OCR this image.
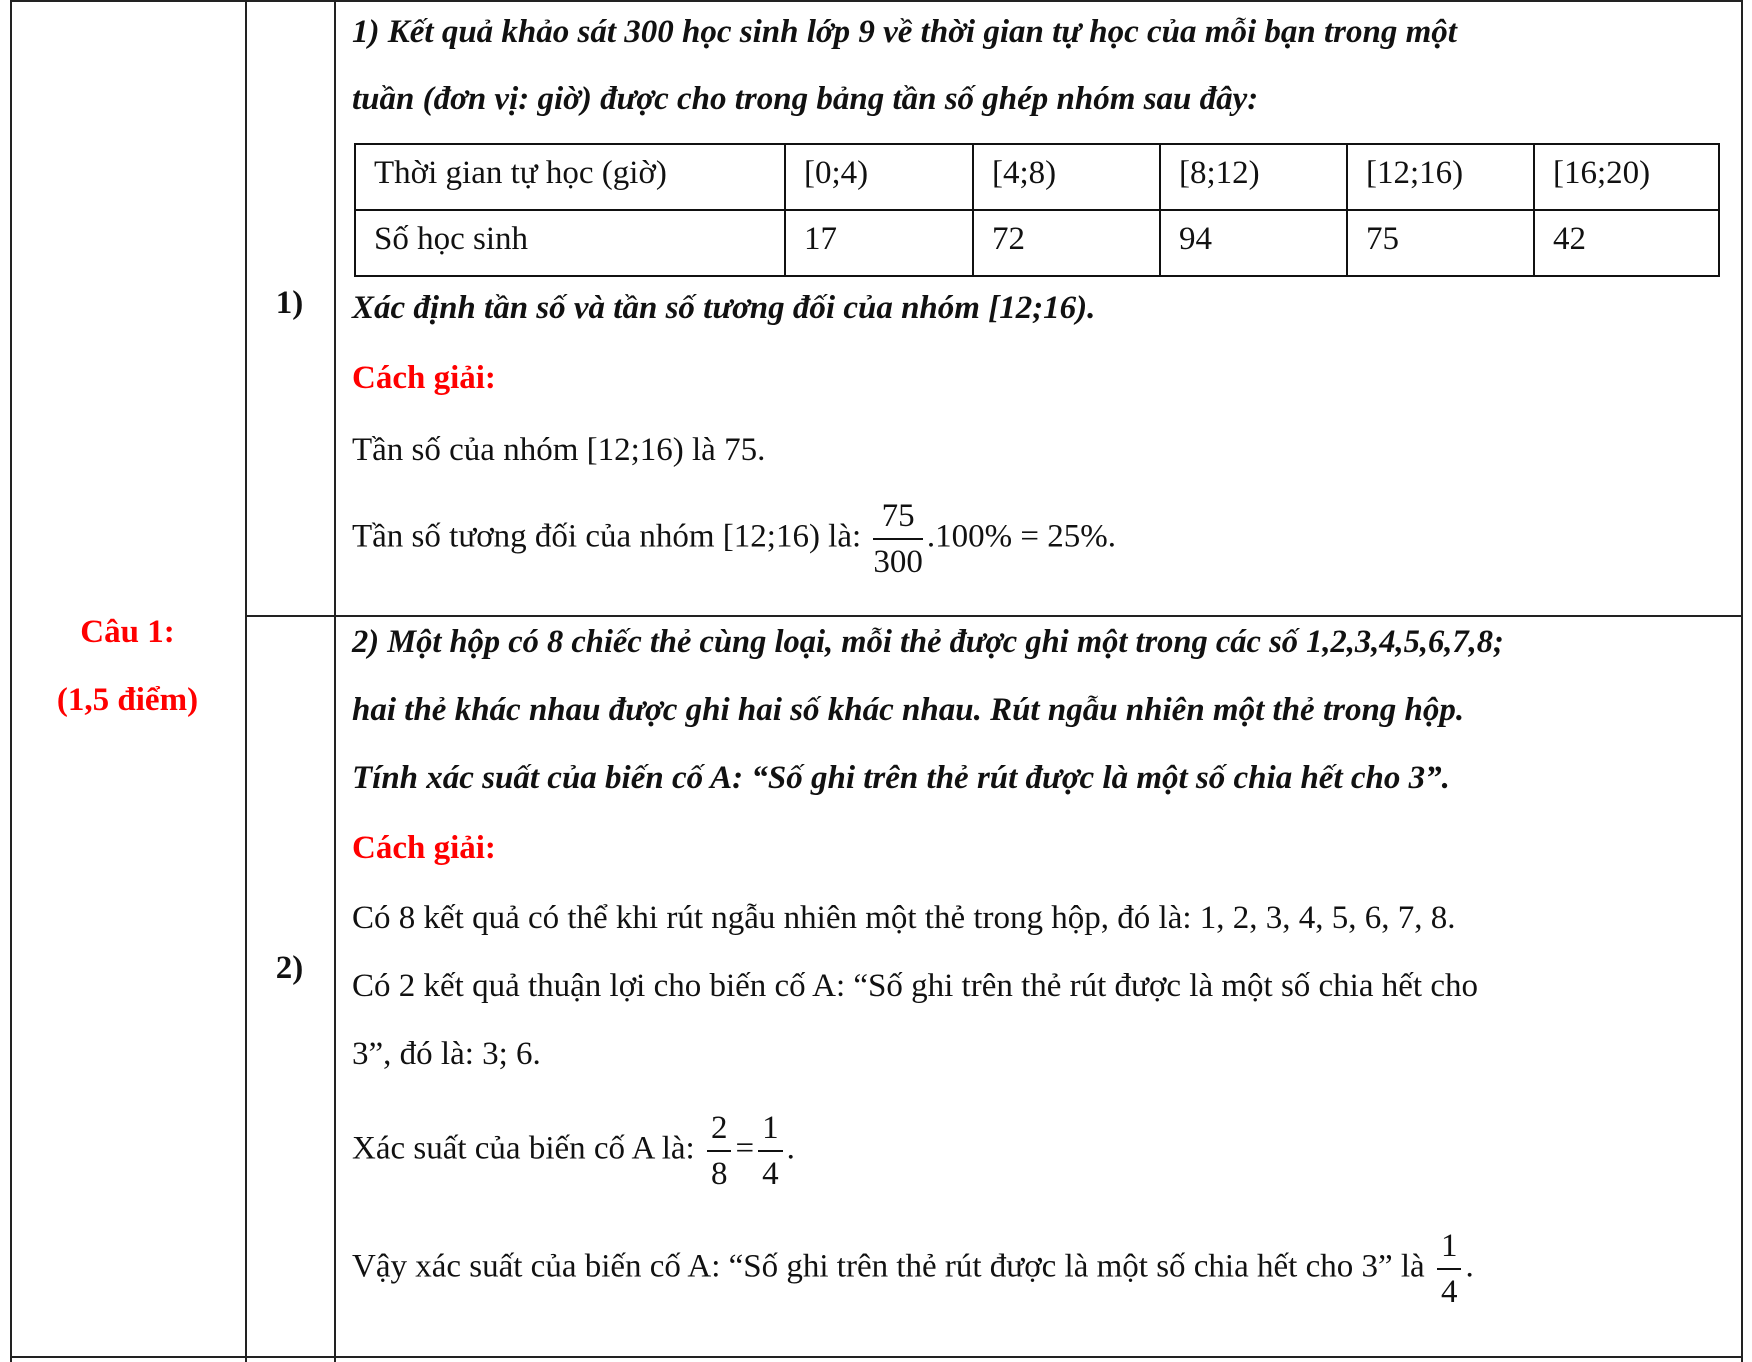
Câu 1:
(1,5 điểm)
1)
2)
1) Kết quả khảo sát 300 học sinh lớp 9 về thời gian tự học của mỗi bạn trong một
tuần (đơn vị: giờ) được cho trong bảng tần số ghép nhóm sau đây:
Thời gian tự học (giờ)	[0;4)	[4;8)	[8;12)	[12;16)	[16;20)
Số học sinh	17	72	94	75	42
Xác định tần số và tần số tương đối của nhóm [12;16).
Cách giải:
Tần số của nhóm [12;16) là 75.
Tần số tương đối của nhóm [12;16) là: $\frac{75}{300} .100\% = 25\%$.
2) Một hộp có 8 chiếc thẻ cùng loại, mỗi thẻ được ghi một trong các số 1,2,3,4,5,6,7,8;
hai thẻ khác nhau được ghi hai số khác nhau. Rút ngẫu nhiên một thẻ trong hộp.
Tính xác suất của biến cố A: “Số ghi trên thẻ rút được là một số chia hết cho 3”.
Cách giải:
Có 8 kết quả có thể khi rút ngẫu nhiên một thẻ trong hộp, đó là: 1, 2, 3, 4, 5, 6, 7, 8.
Có 2 kết quả thuận lợi cho biến cố A: “Số ghi trên thẻ rút được là một số chia hết cho
3”, đó là: 3; 6.
Xác suất của biến cố A là: $\frac{2}{8} = \frac{1}{4}$ .
Vậy xác suất của biến cố A: “Số ghi trên thẻ rút được là một số chia hết cho 3” là $\frac{1}{4}$ .
